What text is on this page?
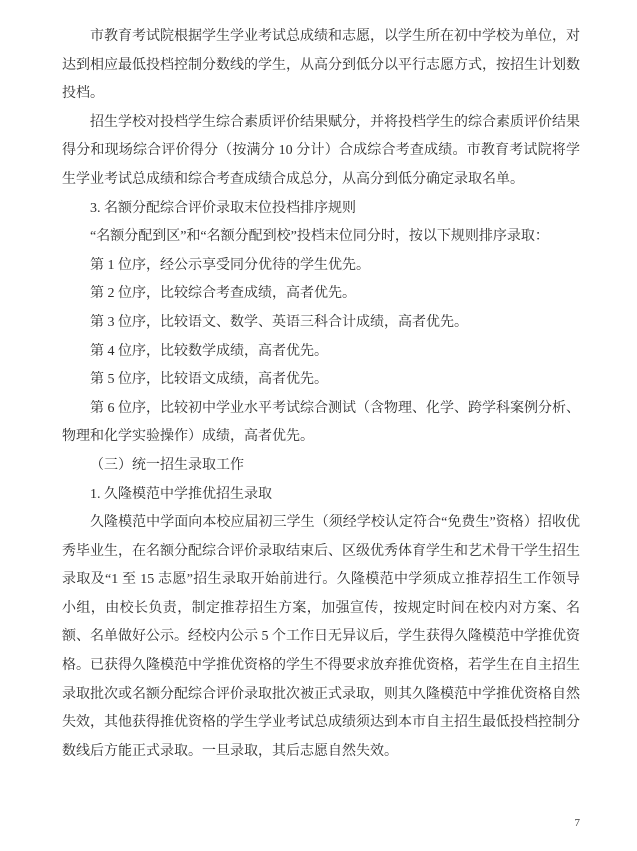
市教育考试院根据学生学业考试总成绩和志愿，以学生所在初中学校为单位，对达到相应最低投档控制分数线的学生，从高分到低分以平行志愿方式，按招生计划数投档。

招生学校对投档学生综合素质评价结果赋分，并将投档学生的综合素质评价结果得分和现场综合评价得分（按满分 10 分计）合成综合考查成绩。市教育考试院将学生学业考试总成绩和综合考查成绩合成总分，从高分到低分确定录取名单。

3. 名额分配综合评价录取末位投档排序规则

“名额分配到区”和“名额分配到校”投档末位同分时，按以下规则排序录取：

第 1 位序，经公示享受同分优待的学生优先。

第 2 位序，比较综合考查成绩，高者优先。

第 3 位序，比较语文、数学、英语三科合计成绩，高者优先。

第 4 位序，比较数学成绩，高者优先。

第 5 位序，比较语文成绩，高者优先。

第 6 位序，比较初中学业水平考试综合测试（含物理、化学、跨学科案例分析、物理和化学实验操作）成绩，高者优先。

（三）统一招生录取工作

1. 久隆模范中学推优招生录取

久隆模范中学面向本校应届初三学生（须经学校认定符合“免费生”资格）招收优秀毕业生，在名额分配综合评价录取结束后、区级优秀体育学生和艺术骨干学生招生录取及“1 至 15 志愿”招生录取开始前进行。久隆模范中学须成立推荐招生工作领导小组，由校长负责，制定推荐招生方案，加强宣传，按规定时间在校内对方案、名额、名单做好公示。经校内公示 5 个工作日无异议后，学生获得久隆模范中学推优资格。已获得久隆模范中学推优资格的学生不得要求放弃推优资格，若学生在自主招生录取批次或名额分配综合评价录取批次被正式录取，则其久隆模范中学推优资格自然失效，其他获得推优资格的学生学业考试总成绩须达到本市自主招生最低投档控制分数线后方能正式录取。一旦录取，其后志愿自然失效。

7
